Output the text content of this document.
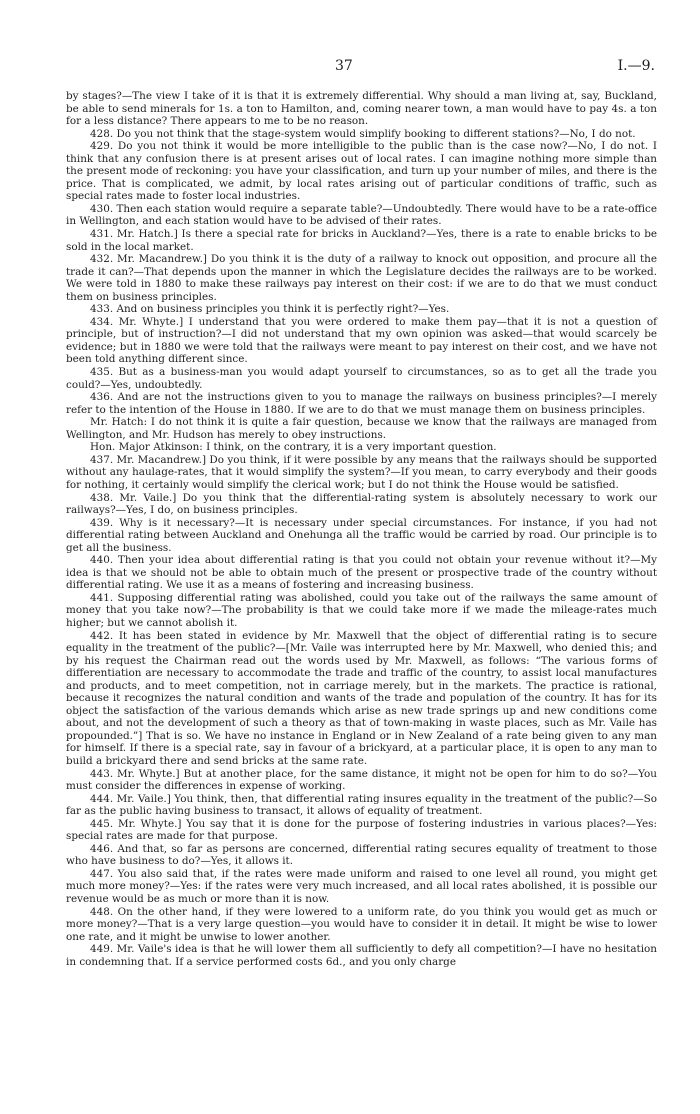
37	I.—9.

by stages?—The view I take of it is that it is extremely differential. Why should a man living at, say, Buckland, be able to send minerals for 1s. a ton to Hamilton, and, coming nearer town, a man would have to pay 4s. a ton for a less distance? There appears to me to be no reason.

428. Do you not think that the stage-system would simplify booking to different stations?—No, I do not.

429. Do you not think it would be more intelligible to the public than is the case now?—No, I do not. I think that any confusion there is at present arises out of local rates. I can imagine nothing more simple than the present mode of reckoning: you have your classification, and turn up your number of miles, and there is the price. That is complicated, we admit, by local rates arising out of particular conditions of traffic, such as special rates made to foster local industries.

430. Then each station would require a separate table?—Undoubtedly. There would have to be a rate-office in Wellington, and each station would have to be advised of their rates.

431. Mr. Hatch.] Is there a special rate for bricks in Auckland?—Yes, there is a rate to enable bricks to be sold in the local market.

432. Mr. Macandrew.] Do you think it is the duty of a railway to knock out opposition, and procure all the trade it can?—That depends upon the manner in which the Legislature decides the railways are to be worked. We were told in 1880 to make these railways pay interest on their cost: if we are to do that we must conduct them on business principles.

433. And on business principles you think it is perfectly right?—Yes.

434. Mr. Whyte.] I understand that you were ordered to make them pay—that it is not a question of principle, but of instruction?—I did not understand that my own opinion was asked—that would scarcely be evidence; but in 1880 we were told that the railways were meant to pay interest on their cost, and we have not been told anything different since.

435. But as a business-man you would adapt yourself to circumstances, so as to get all the trade you could?—Yes, undoubtedly.

436. And are not the instructions given to you to manage the railways on business principles?—I merely refer to the intention of the House in 1880. If we are to do that we must manage them on business principles.

Mr. Hatch: I do not think it is quite a fair question, because we know that the railways are managed from Wellington, and Mr. Hudson has merely to obey instructions.

Hon. Major Atkinson: I think, on the contrary, it is a very important question.

437. Mr. Macandrew.] Do you think, if it were possible by any means that the railways should be supported without any haulage-rates, that it would simplify the system?—If you mean, to carry everybody and their goods for nothing, it certainly would simplify the clerical work; but I do not think the House would be satisfied.

438. Mr. Vaile.] Do you think that the differential-rating system is absolutely necessary to work our railways?—Yes, I do, on business principles.

439. Why is it necessary?—It is necessary under special circumstances. For instance, if you had not differential rating between Auckland and Onehunga all the traffic would be carried by road. Our principle is to get all the business.

440. Then your idea about differential rating is that you could not obtain your revenue without it?—My idea is that we should not be able to obtain much of the present or prospective trade of the country without differential rating. We use it as a means of fostering and increasing business.

441. Supposing differential rating was abolished, could you take out of the railways the same amount of money that you take now?—The probability is that we could take more if we made the mileage-rates much higher; but we cannot abolish it.

442. It has been stated in evidence by Mr. Maxwell that the object of differential rating is to secure equality in the treatment of the public?—[Mr. Vaile was interrupted here by Mr. Maxwell, who denied this; and by his request the Chairman read out the words used by Mr. Maxwell, as follows: “The various forms of differentiation are necessary to accommodate the trade and traffic of the country, to assist local manufactures and products, and to meet competition, not in carriage merely, but in the markets. The practice is rational, because it recognizes the natural condition and wants of the trade and population of the country. It has for its object the satisfaction of the various demands which arise as new trade springs up and new conditions come about, and not the development of such a theory as that of town-making in waste places, such as Mr. Vaile has propounded.”] That is so. We have no instance in England or in New Zealand of a rate being given to any man for himself. If there is a special rate, say in favour of a brickyard, at a particular place, it is open to any man to build a brickyard there and send bricks at the same rate.

443. Mr. Whyte.] But at another place, for the same distance, it might not be open for him to do so?—You must consider the differences in expense of working.

444. Mr. Vaile.] You think, then, that differential rating insures equality in the treatment of the public?—So far as the public having business to transact, it allows of equality of treatment.

445. Mr. Whyte.] You say that it is done for the purpose of fostering industries in various places?—Yes: special rates are made for that purpose.

446. And that, so far as persons are concerned, differential rating secures equality of treatment to those who have business to do?—Yes, it allows it.

447. You also said that, if the rates were made uniform and raised to one level all round, you might get much more money?—Yes: if the rates were very much increased, and all local rates abolished, it is possible our revenue would be as much or more than it is now.

448. On the other hand, if they were lowered to a uniform rate, do you think you would get as much or more money?—That is a very large question—you would have to consider it in detail. It might be wise to lower one rate, and it might be unwise to lower another.

449. Mr. Vaile's idea is that he will lower them all sufficiently to defy all competition?—I have no hesitation in condemning that. If a service performed costs 6d., and you only charge
